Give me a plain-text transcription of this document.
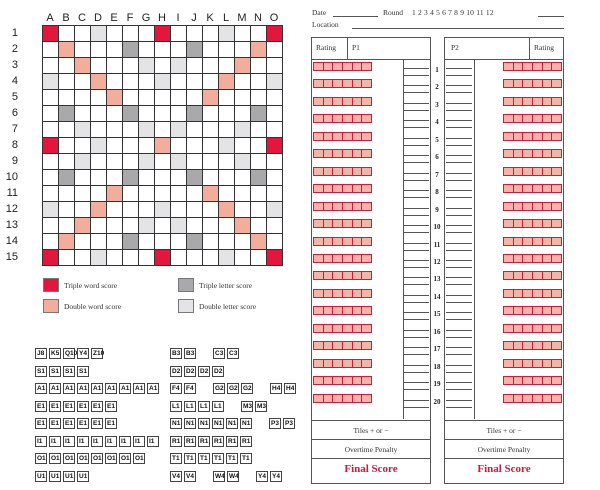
A B C D E F G H I	J K L M N O
1
2
3
4
5
6
7
8
9
10
11
12
13
14
15
Triple word score	Triple letter score
Double word score	Double letter score
J8	K5 Q10 Y4 Z10
S1 S1 S1 S1
A1 A1 A1 A1 A1 A1 A1 A1 A1
E1 E1 E1 E1 E1 E1
E1 E1 E1 E1 E1 E1
I1	I1	I1	I1	I1	I1	I1	I1	I1
O1 O1 O1 O1 O1 O1 O1 O1
U1 U1 U1 U1
B3 B3	C3 C3
D2 D2 D2 D2
F4 F4	G2 G2 G2	H4 H4
L1 L1 L1 L1	M3 M3
N1 N1 N1 N1 N1 N1	P3 P3
R1 R1 R1 R1 R1 R1
T1 T1 T1 T1 T1 T1
V4 V4	W4 W4	Y4 Y4
Date	Round 1 2 3 4 5 6 7 8 9 10 11 12
Location
Rating P1
Tiles + or −
Overtime Penalty
Final Score
P2	Rating
Tiles + or −
Overtime Penalty
Final Score
1
2
3
4
5
6
7
8
9
10
11
12
13
14
15
16
17
18
19
20
